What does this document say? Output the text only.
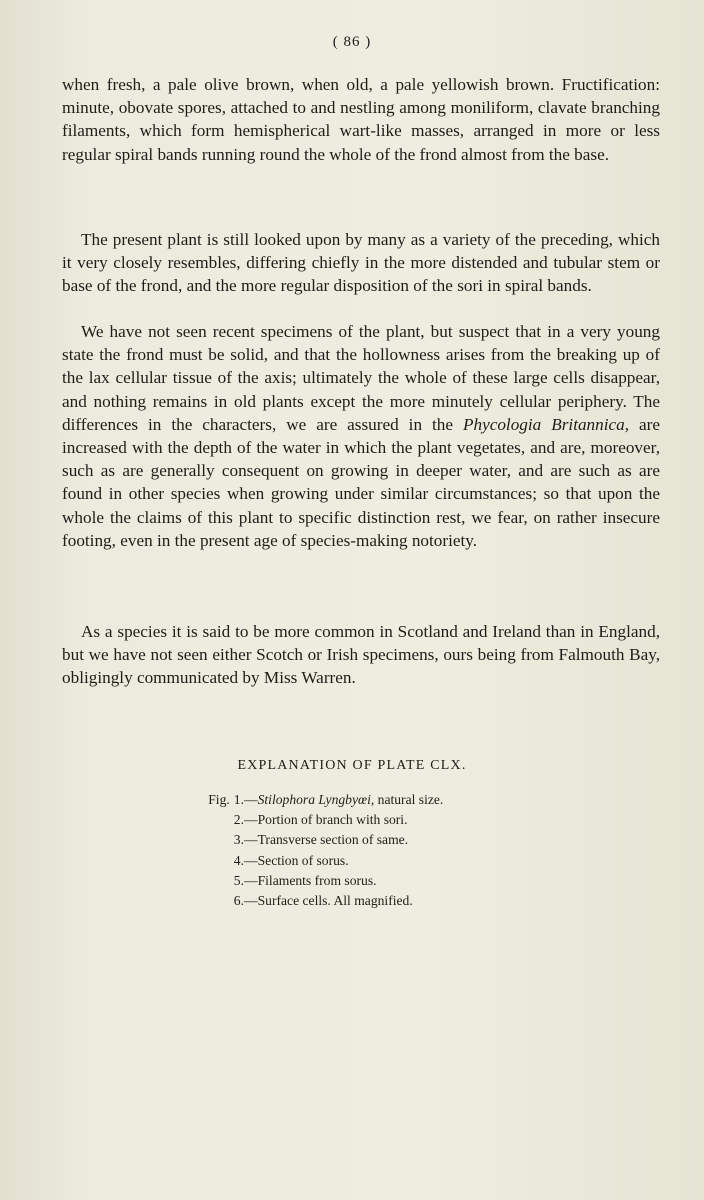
( 86 )

when fresh, a pale olive brown, when old, a pale yellowish brown. Fructification: minute, obovate spores, attached to and nestling among moniliform, clavate branching filaments, which form hemispherical wart-like masses, arranged in more or less regular spiral bands running round the whole of the frond almost from the base.

The present plant is still looked upon by many as a variety of the preceding, which it very closely resembles, differing chiefly in the more distended and tubular stem or base of the frond, and the more regular disposition of the sori in spiral bands.

We have not seen recent specimens of the plant, but suspect that in a very young state the frond must be solid, and that the hollowness arises from the breaking up of the lax cellular tissue of the axis; ultimately the whole of these large cells disappear, and nothing remains in old plants except the more minutely cellular periphery. The differences in the characters, we are assured in the Phycologia Britannica, are increased with the depth of the water in which the plant vegetates, and are, moreover, such as are generally consequent on growing in deeper water, and are such as are found in other species when growing under similar circumstances; so that upon the whole the claims of this plant to specific distinction rest, we fear, on rather insecure footing, even in the present age of species-making notoriety.

As a species it is said to be more common in Scotland and Ireland than in England, but we have not seen either Scotch or Irish specimens, ours being from Falmouth Bay, obligingly communicated by Miss Warren.

EXPLANATION OF PLATE CLX.
Fig. 1.—Stilophora Lyngbyœi, natural size.
2.—Portion of branch with sori.
3.—Transverse section of same.
4.—Section of sorus.
5.—Filaments from sorus.
6.—Surface cells. All magnified.
